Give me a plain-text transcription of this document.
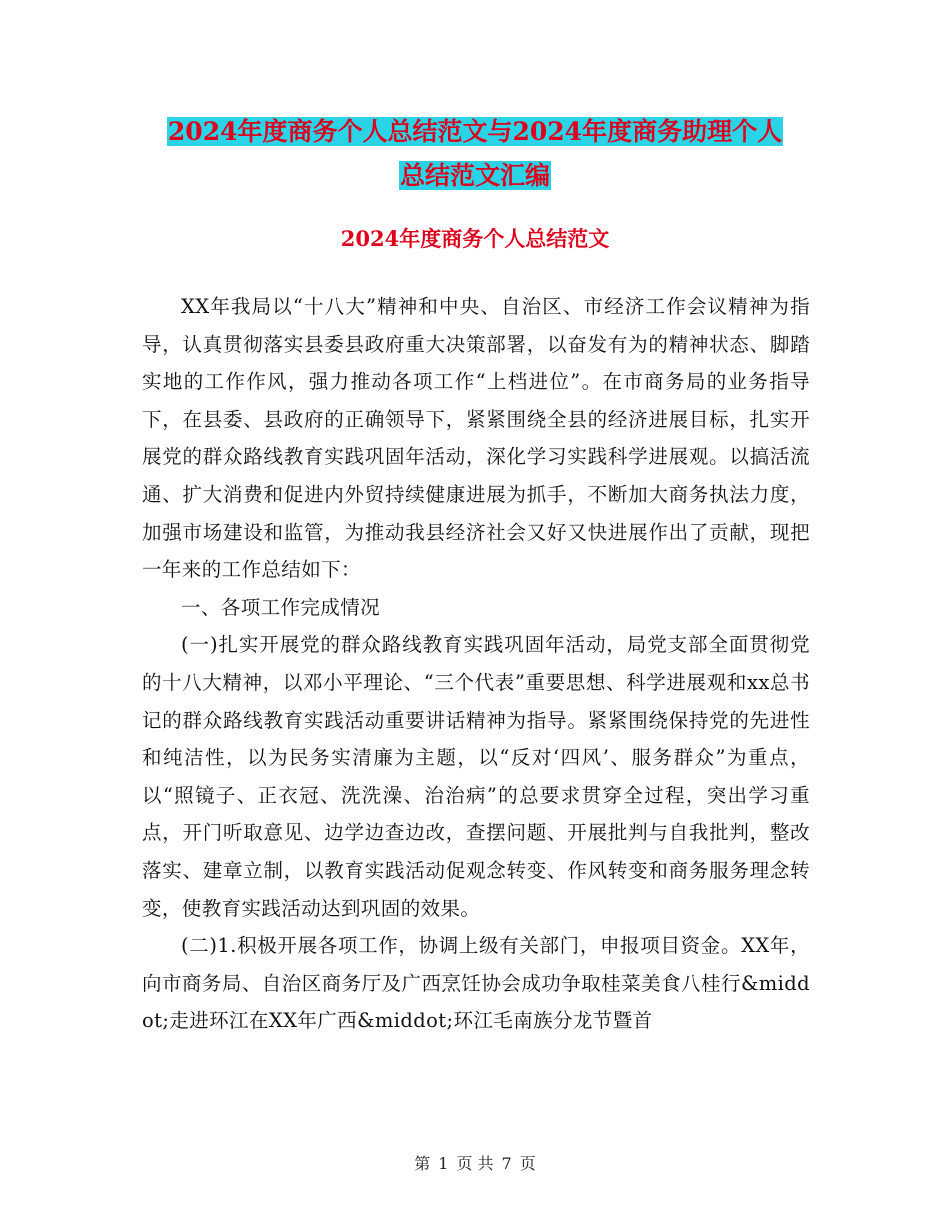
2024年度商务个人总结范文与2024年度商务助理个人
总结范文汇编
2024年度商务个人总结范文

XX年我局以“十八大”精神和中央、自治区、市经济工作会议精神为指导，认真贯彻落实县委县政府重大决策部署，以奋发有为的精神状态、脚踏实地的工作作风，强力推动各项工作“上档进位”。在市商务局的业务指导下，在县委、县政府的正确领导下，紧紧围绕全县的经济进展目标，扎实开展党的群众路线教育实践巩固年活动，深化学习实践科学进展观。以搞活流通、扩大消费和促进内外贸持续健康进展为抓手，不断加大商务执法力度，加强市场建设和监管，为推动我县经济社会又好又快进展作出了贡献，现把一年来的工作总结如下：

一、各项工作完成情况

(一)扎实开展党的群众路线教育实践巩固年活动，局党支部全面贯彻党的十八大精神，以邓小平理论、“三个代表”重要思想、科学进展观和xx总书记的群众路线教育实践活动重要讲话精神为指导。紧紧围绕保持党的先进性和纯洁性，以为民务实清廉为主题，以“反对‘四风’、服务群众”为重点，以“照镜子、正衣冠、洗洗澡、治治病”的总要求贯穿全过程，突出学习重点，开门听取意见、边学边查边改，查摆问题、开展批判与自我批判，整改落实、建章立制，以教育实践活动促观念转变、作风转变和商务服务理念转变，使教育实践活动达到巩固的效果。

(二)1.积极开展各项工作，协调上级有关部门，申报项目资金。XX年，向市商务局、自治区商务厅及广西烹饪协会成功争取桂菜美食八桂行&middot;走进环江在XX年广西&middot;环江毛南族分龙节暨首

第 1 页 共 7 页
